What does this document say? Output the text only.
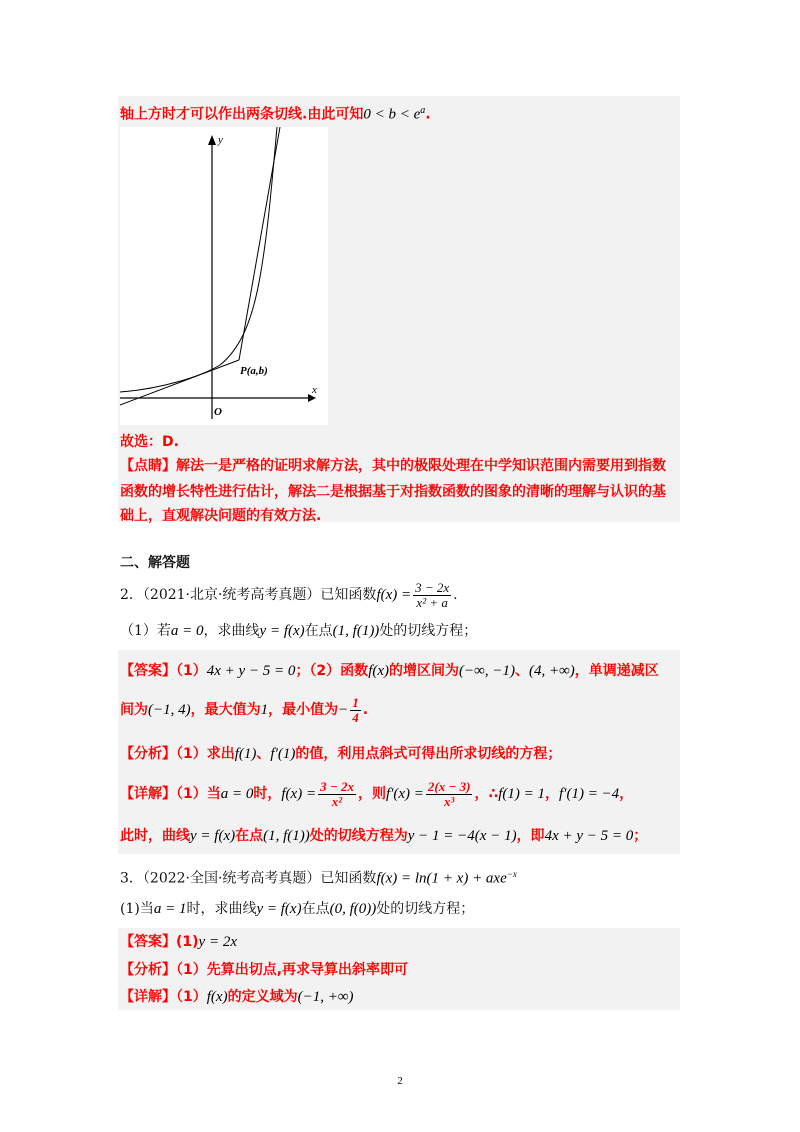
轴上方时才可以作出两条切线.由此可知$0 < b < e^a$.
y
x
O
P(a,b)
故选：D.
【点睛】解法一是严格的证明求解方法，其中的极限处理在中学知识范围内需要用到指数
函数的增长特性进行估计，解法二是根据基于对指数函数的图象的清晰的理解与认识的基
础上，直观解决问题的有效方法.
二、解答题
2．（2021·北京·统考高考真题）已知函数$f(x) = \frac{3 - 2x}{\text{x² + a}}$ .
（1）若a = 0，求曲线y = f(x)在点(1, f(1))处的切线方程；
【答案】（1）4x + y − 5 = 0；（2）函数f(x)的增区间为(−∞, −1)、(4, +∞)，单调递减区
间为(−1, 4)，最大值为1，最小值为− $\frac{1}{4}$ .
【分析】（1）求出f(1)、f′(1)的值，利用点斜式可得出所求切线的方程；
【详解】（1）当a = 0时，$f(x) = \frac{3 - 2x}{\text{x²}}$ ，则$f'(x) = \frac{2(x - 3)}{\text{x³}}$ ，∴f(1) = 1，f′(1) = −4，
此时，曲线y = f(x)在点(1, f(1))处的切线方程为y − 1 = −4(x − 1)，即4x + y − 5 = 0；
3．（2022·全国·统考高考真题）已知函数f(x) = ln(1 + x) + axe$^{-x}$
(1)当a = 1时，求曲线y = f(x)在点(0, f(0))处的切线方程；
【答案】(1)y = 2x
【分析】（1）先算出切点,再求导算出斜率即可
【详解】（1）f(x)的定义域为(−1, +∞)
2
